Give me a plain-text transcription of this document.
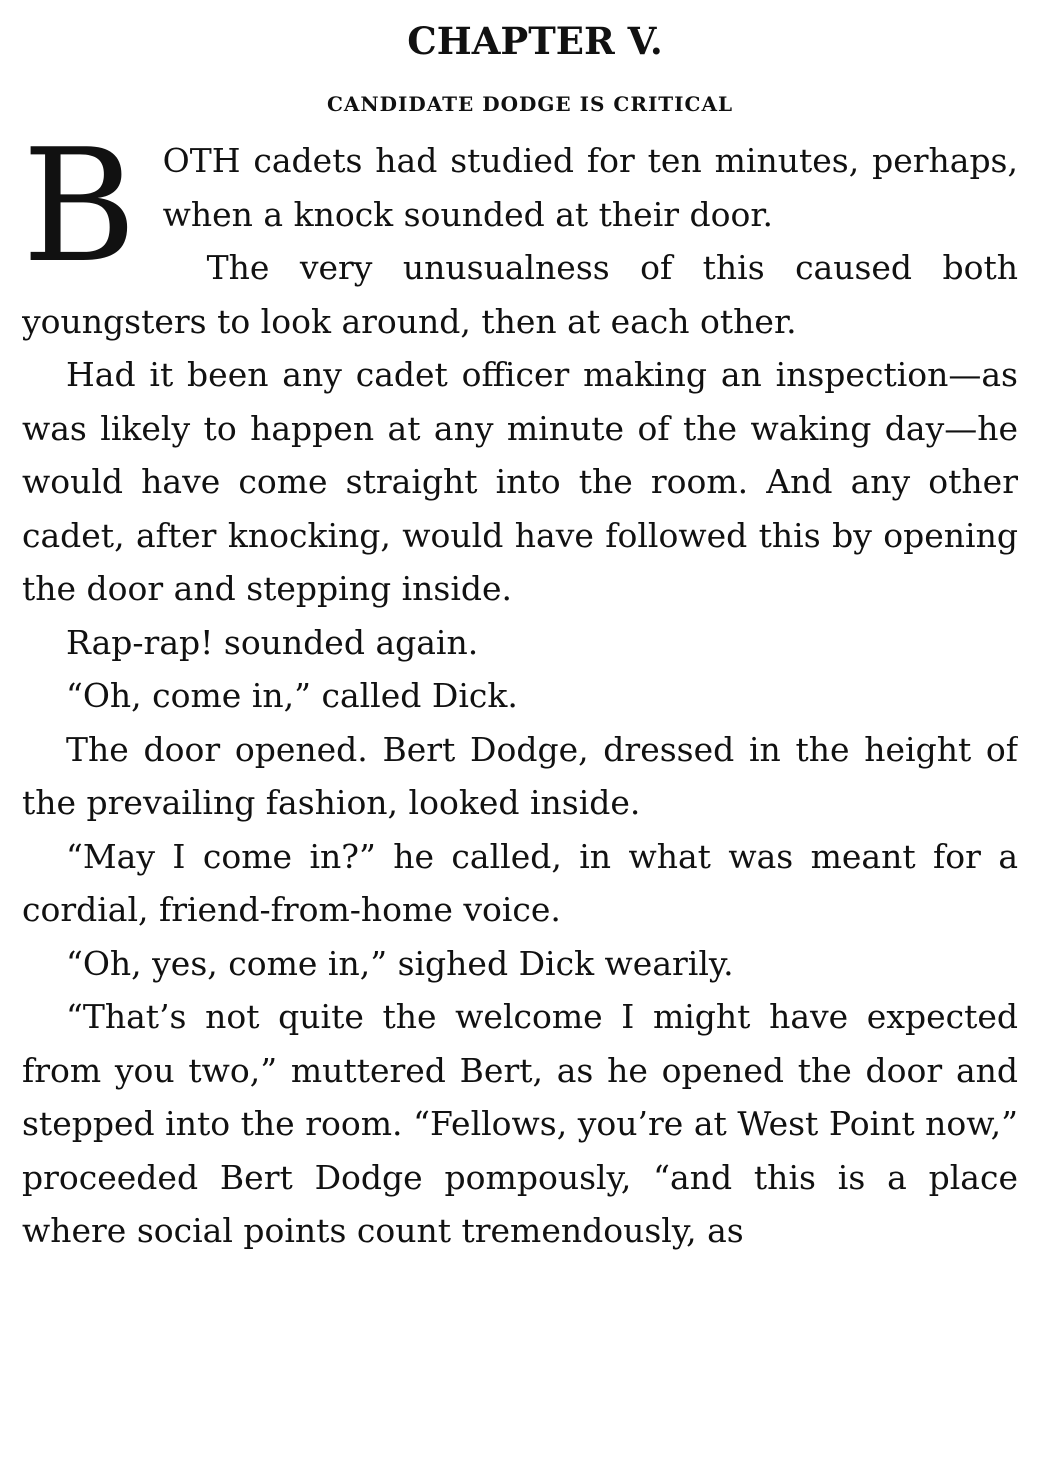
CHAPTER V.
CANDIDATE DODGE IS CRITICAL

BOTH cadets had studied for ten minutes, perhaps, when a knock sounded at their door.

The very unusualness of this caused both youngsters to look around, then at each other.

Had it been any cadet officer making an inspection—as was likely to happen at any minute of the waking day—he would have come straight into the room. And any other cadet, after knocking, would have followed this by opening the door and stepping inside.

Rap-rap! sounded again.

“Oh, come in,” called Dick.

The door opened. Bert Dodge, dressed in the height of the prevailing fashion, looked inside.

“May I come in?” he called, in what was meant for a cordial, friend-from-home voice.

“Oh, yes, come in,” sighed Dick wearily.

“That’s not quite the welcome I might have expected from you two,” muttered Bert, as he opened the door and stepped into the room. “Fellows, you’re at West Point now,” proceeded Bert Dodge pompously, “and this is a place where social points count tremendously, as
